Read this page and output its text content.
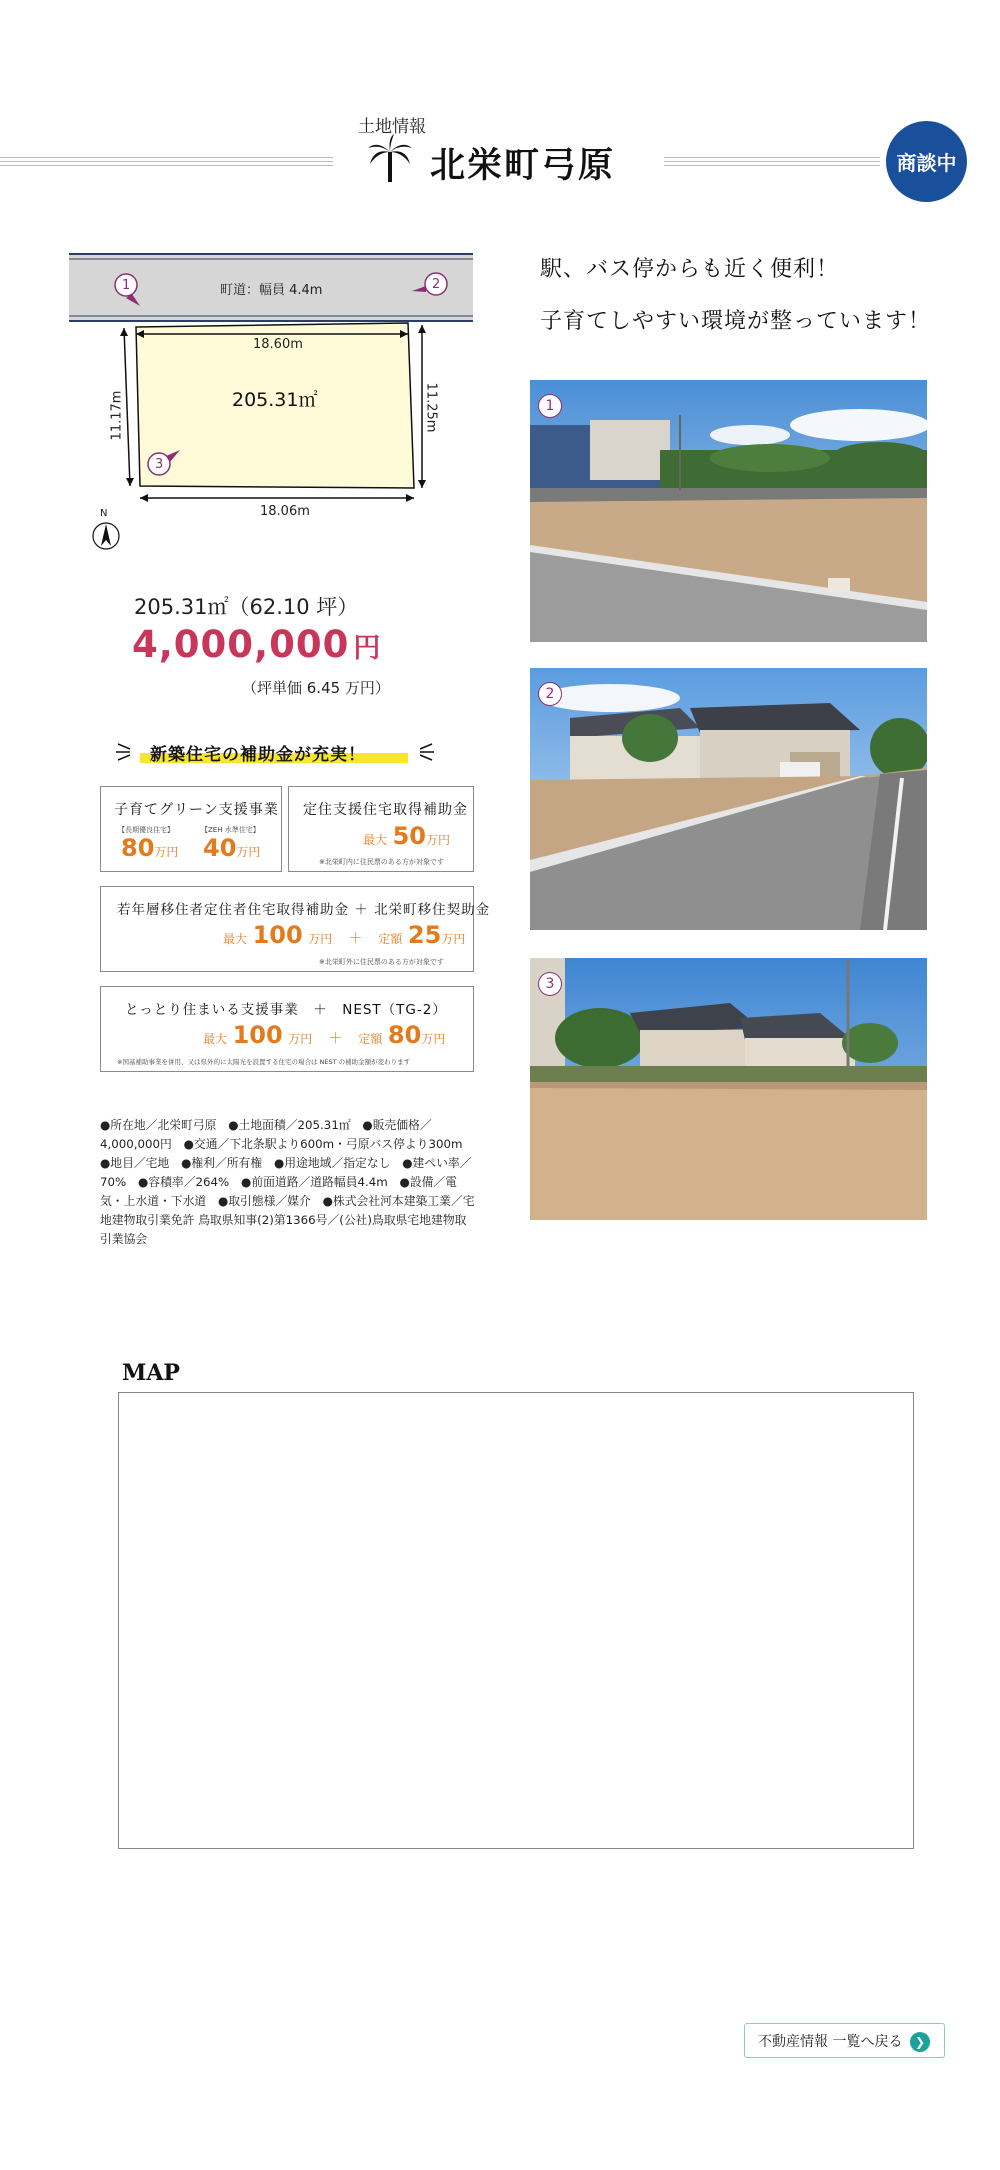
土地情報
北栄町弓原	商談中
町道：幅員 4.4m
18.60m
18.06m
11.17m	11.25m
205.31㎡
N
1	2
3
205.31㎡（62.10 坪）
4,000,000 円
（坪単価 6.45 万円）
新築住宅の補助金が充実！
子育てグリーン支援事業
【長期優良住宅】	【ZEH 水準住宅】
80万円 40万円
定住支援住宅取得補助金
最大 50万円
※北栄町内に住民票のある方が対象です
若年層移住者定住者住宅取得補助金 ＋ 北栄町移住契助金
最大 100 万円　 ＋　 定額 25万円
※北栄町外に住民票のある方が対象です
とっとり住まいる支援事業　＋　NEST（TG-2）
最大 100 万円　 ＋　 定額 80万円
※国基補助事業を併用、又は県外的に太陽光を設置する住宅の場合は NEST の補助金額が変わります
●所在地／北栄町弓原　●土地面積／205.31㎡　●販売価格／4,000,000円　●交通／下北条駅より600m・弓原バス停より300m　●地目／宅地　●権利／所有権　●用途地域／指定なし　●建ぺい率／70%　●容積率／264%　●前面道路／道路幅員4.4m　●設備／電気・上水道・下水道　●取引態様／媒介　●株式会社河本建築工業／宅地建物取引業免許 鳥取県知事(2)第1366号／(公社)鳥取県宅地建物取引業協会
駅、バス停からも近く便利！
子育てしやすい環境が整っています！
1
2
3
MAP
不動産情報 一覧へ戻る	❯
